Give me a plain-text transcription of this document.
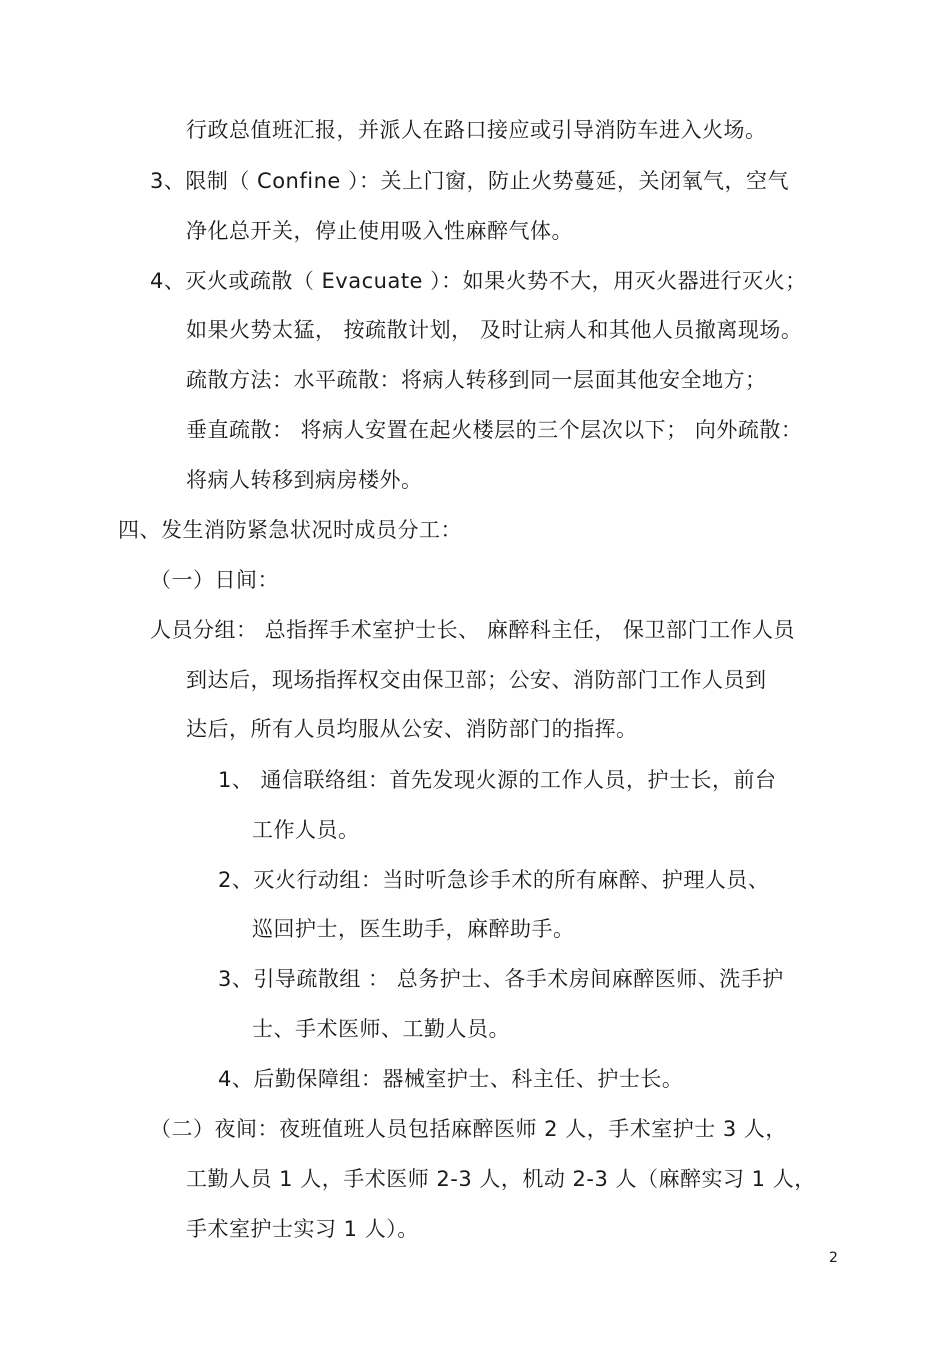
行政总值班汇报，并派人在路口接应或引导消防车进入火场。

3、限制（ Confine ）：关上门窗，防止火势蔓延，关闭氧气，空气

净化总开关，停止使用吸入性麻醉气体。

4、灭火或疏散（ Evacuate ）：如果火势不大，用灭火器进行灭火；

如果火势太猛， 按疏散计划， 及时让病人和其他人员撤离现场。

疏散方法：水平疏散：将病人转移到同一层面其他安全地方；

垂直疏散： 将病人安置在起火楼层的三个层次以下； 向外疏散：

将病人转移到病房楼外。

四、发生消防紧急状况时成员分工：

（一）日间：

人员分组： 总指挥手术室护士长、 麻醉科主任， 保卫部门工作人员

到达后，现场指挥权交由保卫部；公安、消防部门工作人员到

达后，所有人员均服从公安、消防部门的指挥。

1、 通信联络组：首先发现火源的工作人员，护士长，前台

工作人员。

2、灭火行动组：当时听急诊手术的所有麻醉、护理人员、

巡回护士，医生助手，麻醉助手。

3、引导疏散组 ： 总务护士、各手术房间麻醉医师、洗手护

士、手术医师、工勤人员。

4、后勤保障组：器械室护士、科主任、护士长。

（二）夜间：夜班值班人员包括麻醉医师 2 人，手术室护士 3 人，

工勤人员 1 人，手术医师 2-3 人，机动 2-3 人（麻醉实习 1 人，

手术室护士实习 1 人）。

2
